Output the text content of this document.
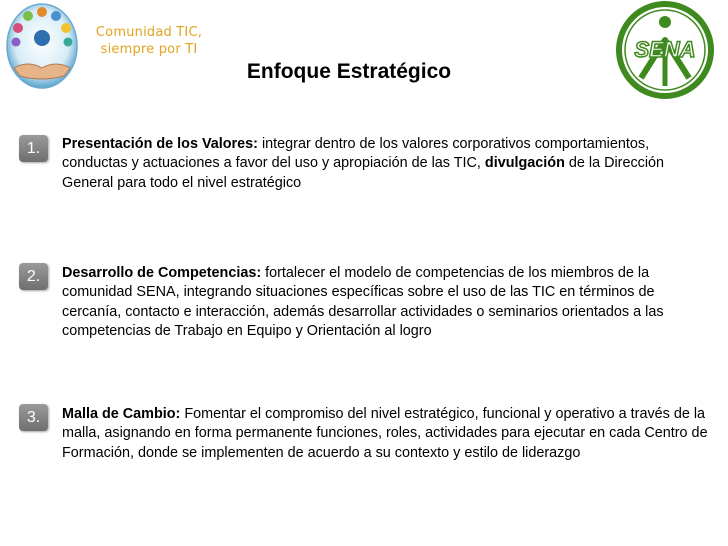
Comunidad TIC,
siempre por TI	SENA
Enfoque Estratégico
1.	Presentación de los Valores: integrar dentro de los valores corporativos comportamientos, conductas y actuaciones a favor del uso y apropiación de las TIC, divulgación de la Dirección General para todo el nivel estratégico
2.	Desarrollo de Competencias: fortalecer el modelo de competencias de los miembros de la comunidad SENA, integrando situaciones específicas sobre el uso de las TIC en términos de cercanía, contacto e interacción, además desarrollar actividades o seminarios orientados a las competencias de Trabajo en Equipo y Orientación al logro
3.	Malla de Cambio: Fomentar el compromiso del nivel estratégico, funcional y operativo a través de la malla, asignando en forma permanente funciones, roles, actividades para ejecutar en cada Centro de Formación, donde se implementen de acuerdo a su contexto y estilo de liderazgo
